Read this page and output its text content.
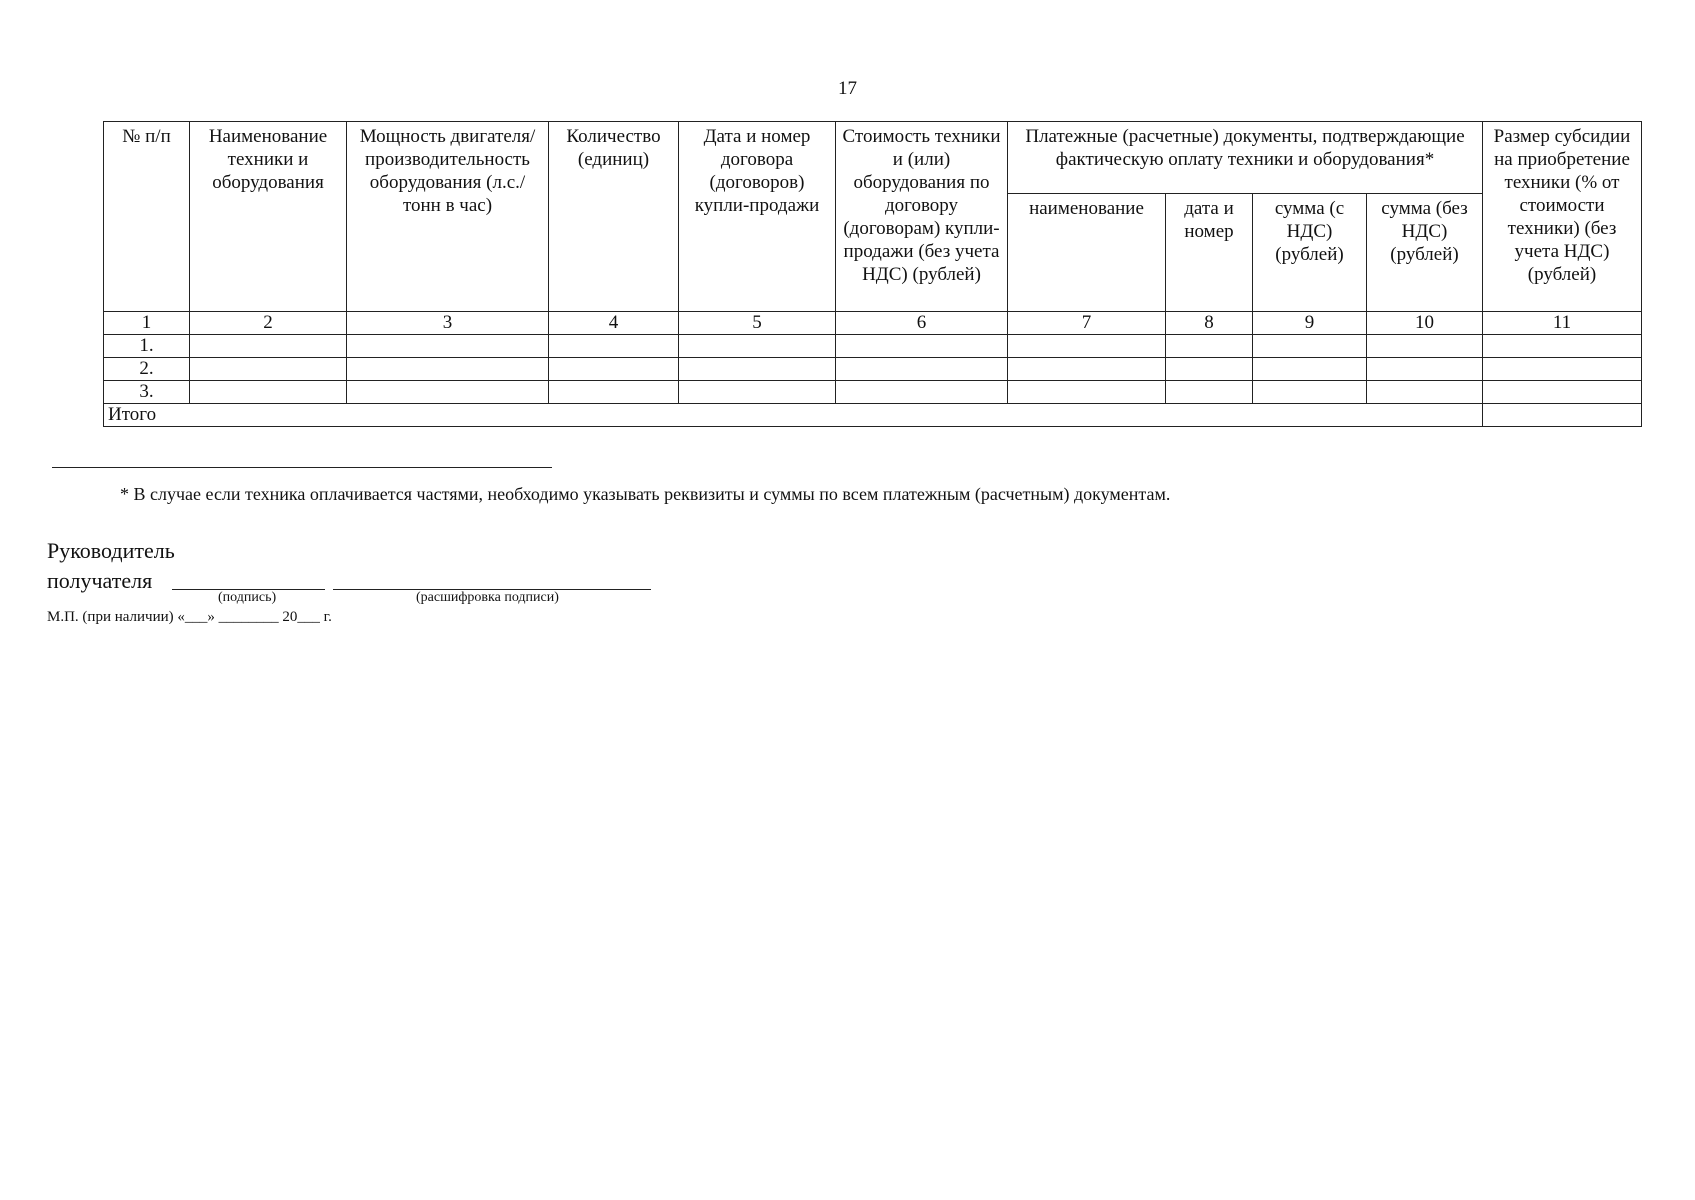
17
№ п/п	Наименование техники и оборудования	Мощность двигателя/ производительность оборудования (л.с./тонн в час)	Количество (единиц)	Дата и номер договора (договоров) купли-продажи	Стоимость техники и (или) оборудования по договору (договорам) купли-продажи (без учета НДС) (рублей)	Платежные (расчетные) документы, подтверждающие фактическую оплату техники и оборудования*				Размер субсидии на приобретение техники (% от стоимости техники) (без учета НДС) (рублей)
						наименование	дата и номер	сумма (с НДС) (рублей)	сумма (без НДС) (рублей)	
1	2	3	4	5	6	7	8	9	10	11
1.										
2.										
3.										
Итого										
* В случае если техника оплачивается частями, необходимо указывать реквизиты и суммы по всем платежным (расчетным) документам.
Руководитель
получателя
(подпись)	(расшифровка подписи)
М.П. (при наличии) «___» ________ 20___ г.
